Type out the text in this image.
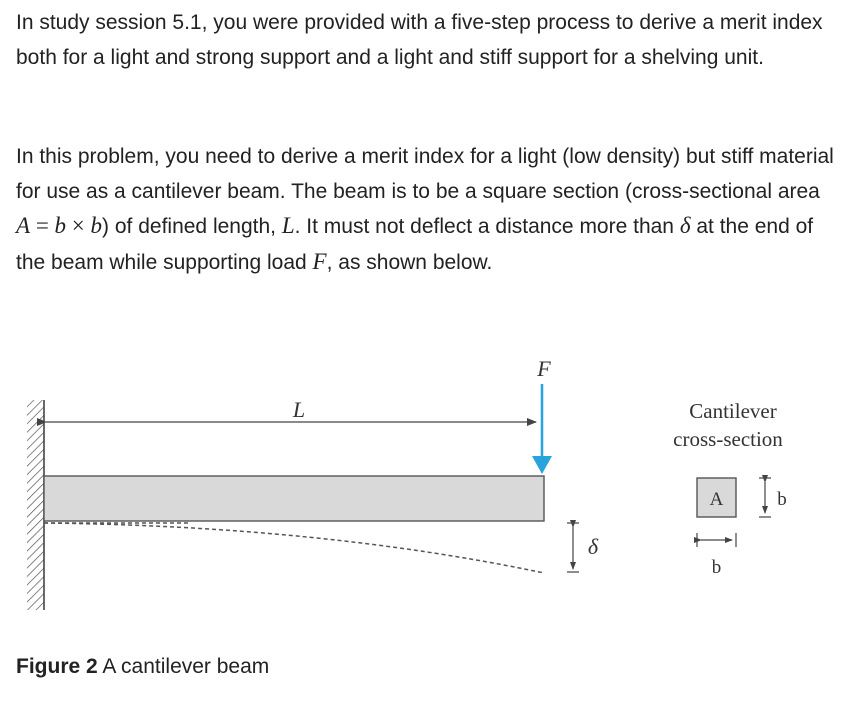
In study session 5.1, you were provided with a five-step process to derive a merit index both for a light and strong support and a light and stiff support for a shelving unit.

In this problem, you need to derive a merit index for a light (low density) but stiff material for use as a cantilever beam. The beam is to be a square section (cross-sectional area A = b × b) of defined length, L. It must not deflect a distance more than δ at the end of the beam while supporting load F, as shown below.

L
F
δ
Cantilever
cross-section
A	b
b

Figure 2 A cantilever beam
